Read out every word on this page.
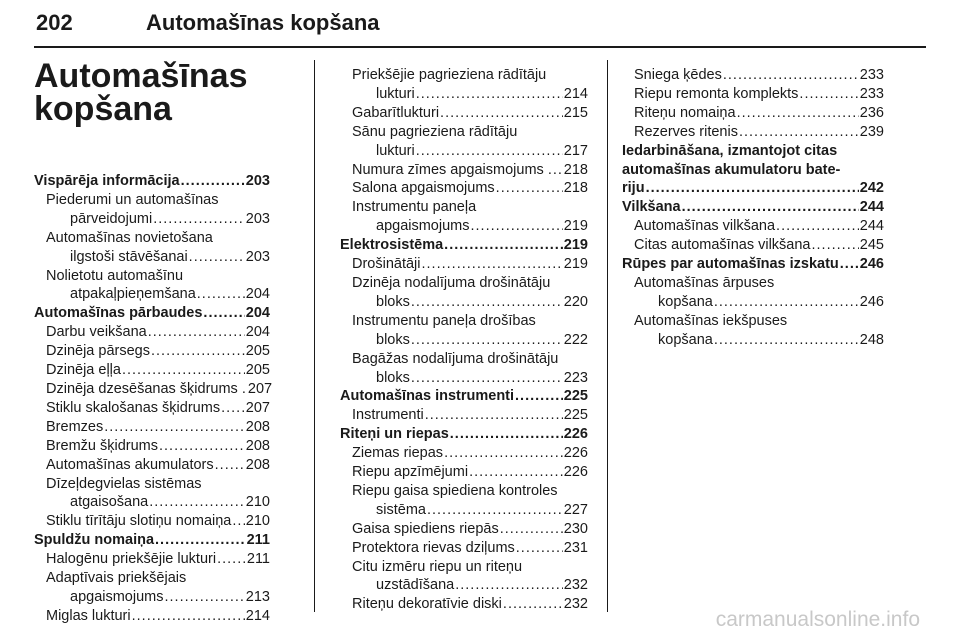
202	Automašīnas kopšana
Automašīnas kopšana
Vispārēja informācija .....	203
Piederumi un automašīnas
pārveidojumi .....	203
Automašīnas novietošana
ilgstoši stāvēšanai .....	203
Nolietotu automašīnu
atpakaļpieņemšana .....	204
Automašīnas pārbaudes .....	204
Darbu veikšana .....	204
Dzinēja pārsegs .....	205
Dzinēja eļļa .....	205
Dzinēja dzesēšanas šķidrums . 207
Stiklu skalošanas šķidrums ..... 207
Bremzes .....	208
Bremžu šķidrums .....	208
Automašīnas akumulators ..... 208
Dīzeļdegvielas sistēmas
atgaisošana .....	210
Stiklu tīrītāju slotiņu nomaiņa ..... 210
Spuldžu nomaiņa .....	211
Halogēnu priekšējie lukturi ..... 211
Adaptīvais priekšējais
apgaismojums .....	213
Miglas lukturi .....	214
Priekšējie pagrieziena rādītāju
lukturi .....	214
Gabarītlukturi .....	215
Sānu pagrieziena rādītāju
lukturi .....	217
Numura zīmes apgaismojums . ..... 218
Salona apgaismojums .....	218
Instrumentu paneļa
apgaismojums .....	219
Elektrosistēma .....	219
Drošinātāji .....	219
Dzinēja nodalījuma drošinātāju
bloks .....	220
Instrumentu paneļa drošības
bloks .....	222
Bagāžas nodalījuma drošinātāju
bloks .....	223
Automašīnas instrumenti .....	225
Instrumenti .....	225
Riteņi un riepas .....	226
Ziemas riepas .....	226
Riepu apzīmējumi .....	226
Riepu gaisa spiediena kontroles
sistēma .....	227
Gaisa spiediens riepās .....	230
Protektora rievas dziļums .....	231
Citu izmēru riepu un riteņu
uzstādīšana .....	232
Riteņu dekoratīvie diski .....	232
Sniega ķēdes .....	233
Riepu remonta komplekts .....	233
Riteņu nomaiņa .....	236
Rezerves ritenis .....	239
Iedarbināšana, izmantojot citas
automašīnas akumulatoru bate-
riju .....	242
Vilkšana .....	244
Automašīnas vilkšana .....	244
Citas automašīnas vilkšana .....	245
Rūpes par automašīnas izskatu ..... 246
Automašīnas ārpuses
kopšana .....	246
Automašīnas iekšpuses
kopšana .....	248
carmanualsonline.info
